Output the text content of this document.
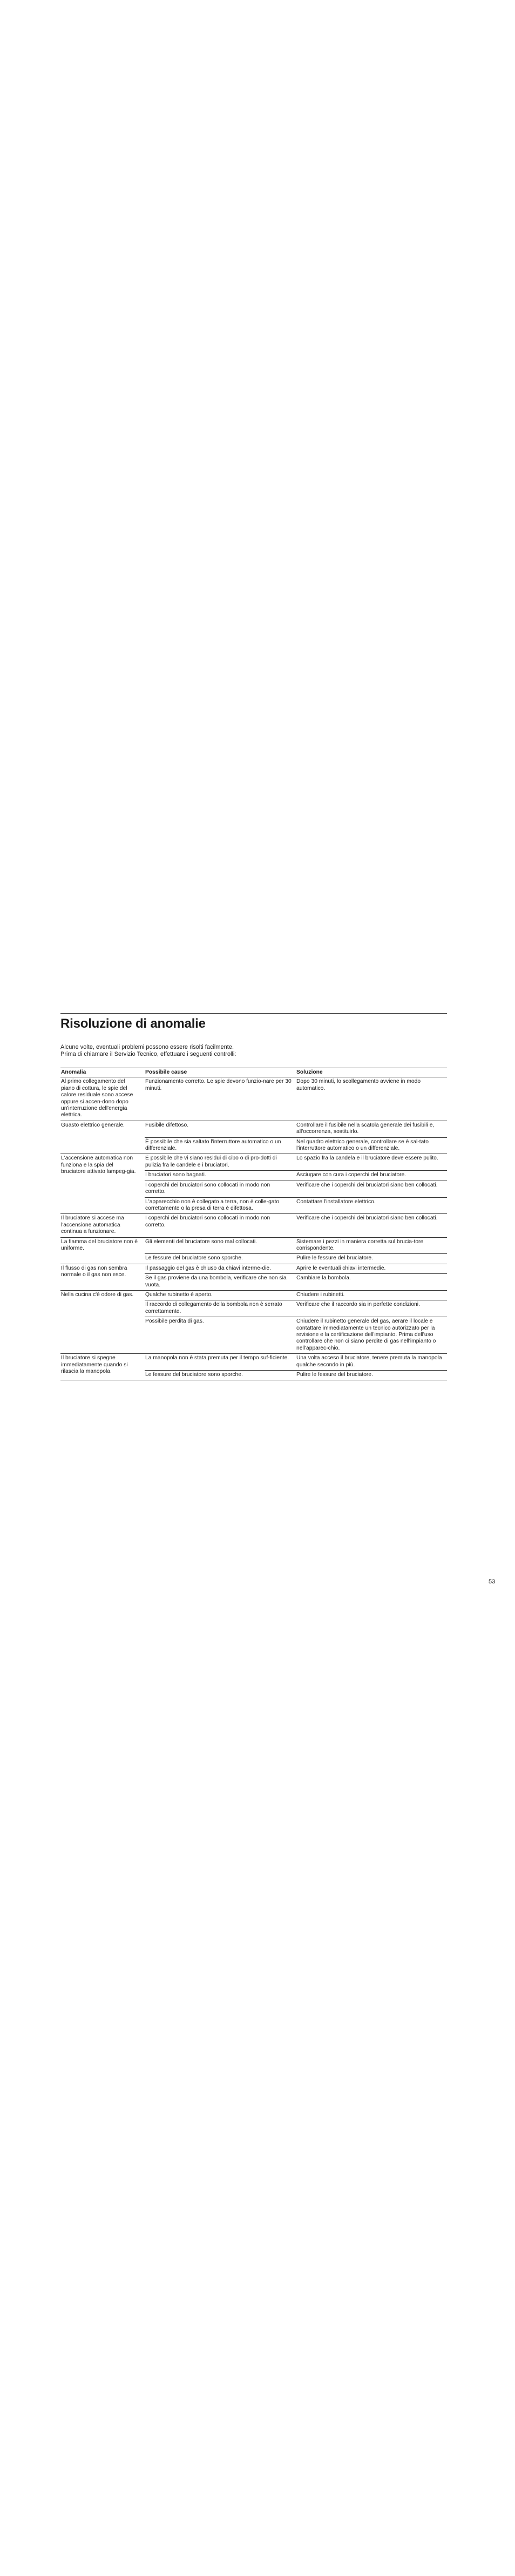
Risoluzione di anomalie

Alcune volte, eventuali problemi possono essere risolti facilmente. Prima di chiamare il Servizio Tecnico, effettuare i seguenti controlli:

Anomalia	Possibile cause	Soluzione
Al primo collegamento del piano di cottura, le spie del calore residuale sono accese oppure si accen-dono dopo un'interruzione dell'energia elettrica.	Funzionamento corretto. Le spie devono funzio-nare per 30 minuti.	Dopo 30 minuti, lo scollegamento avviene in modo automatico.
Guasto elettrico generale.	Fusibile difettoso.	Controllare il fusibile nella scatola generale dei fusibili e, all'occorrenza, sostituirlo.
	È possibile che sia saltato l'interruttore automatico o un differenziale.	Nel quadro elettrico generale, controllare se è sal-tato l'interruttore automatico o un differenziale.
L'accensione automatica non funziona e la spia del bruciatore attivato lampeg-gia.	È possibile che vi siano residui di cibo o di pro-dotti di pulizia fra le candele e i bruciatori.	Lo spazio fra la candela e il bruciatore deve essere pulito.
	I bruciatori sono bagnati.	Asciugare con cura i coperchi del bruciatore.
	I coperchi dei bruciatori sono collocati in modo non corretto.	Verificare che i coperchi dei bruciatori siano ben collocati.
	L'apparecchio non è collegato a terra, non è colle-gato correttamente o la presa di terra è difettosa.	Contattare l'installatore elettrico.
Il bruciatore si accese ma l'accensione automatica continua a funzionare.	I coperchi dei bruciatori sono collocati in modo non corretto.	Verificare che i coperchi dei bruciatori siano ben collocati.
La fiamma del bruciatore non è uniforme.	Gli elementi del bruciatore sono mal collocati.	Sistemare i pezzi in maniera corretta sul brucia-tore corrispondente.
	Le fessure del bruciatore sono sporche.	Pulire le fessure del bruciatore.
Il flusso di gas non sembra normale o il gas non esce.	Il passaggio del gas è chiuso da chiavi interme-die.	Aprire le eventuali chiavi intermedie.
	Se il gas proviene da una bombola, verificare che non sia vuota.	Cambiare la bombola.
Nella cucina c'è odore di gas.	Qualche rubinetto è aperto.	Chiudere i rubinetti.
	Il raccordo di collegamento della bombola non è serrato correttamente.	Verificare che il raccordo sia in perfette condizioni.
	Possibile perdita di gas.	Chiudere il rubinetto generale del gas, aerare il locale e contattare immediatamente un tecnico autorizzato per la revisione e la certificazione dell'impianto. Prima dell'uso controllare che non ci siano perdite di gas nell'impianto o nell'apparec-chio.
Il bruciatore si spegne immediatamente quando si rilascia la manopola.	La manopola non è stata premuta per il tempo suf-ficiente.	Una volta acceso il bruciatore, tenere premuta la manopola qualche secondo in più.
	Le fessure del bruciatore sono sporche.	Pulire le fessure del bruciatore.
53
